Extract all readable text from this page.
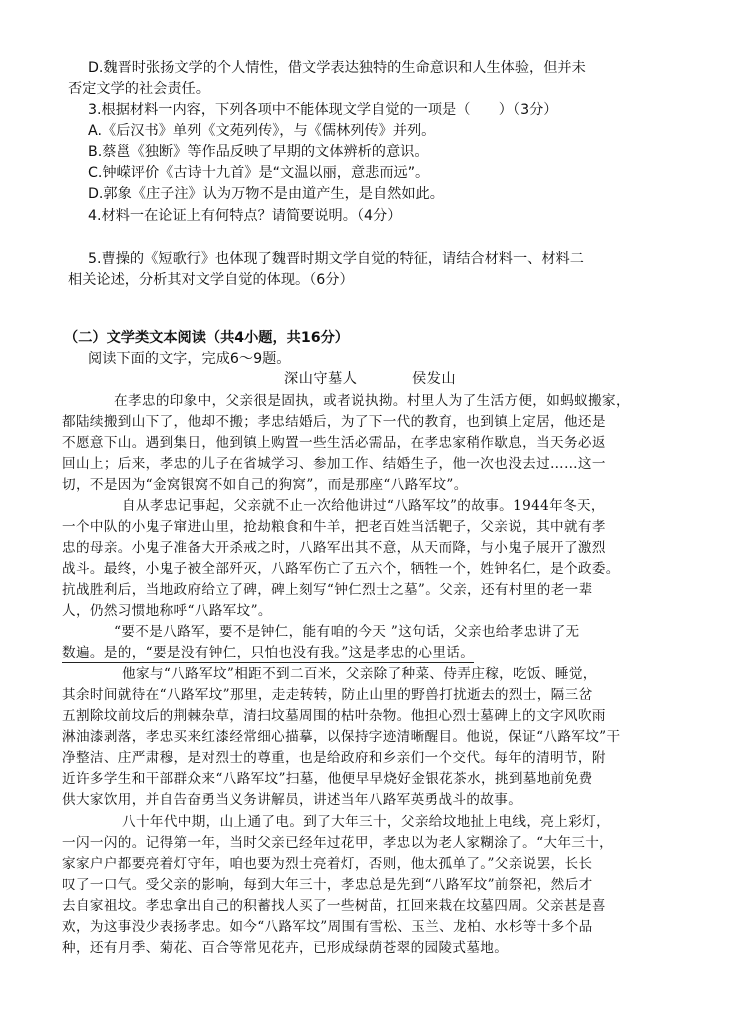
D.魏晋时张扬文学的个人情性，借文学表达独特的生命意识和人生体验，但并未
否定文学的社会责任。
3.根据材料一内容，下列各项中不能体现文学自觉的一项是（　　）（3分）
A.《后汉书》单列《文苑列传》，与《儒林列传》并列。
B.蔡邕《独断》等作品反映了早期的文体辨析的意识。
C.钟嵘评价《古诗十九首》是“文温以丽，意悲而远”。
D.郭象《庄子注》认为万物不是由道产生，是自然如此。
4.材料一在论证上有何特点？请简要说明。（4分）
5.曹操的《短歌行》也体现了魏晋时期文学自觉的特征，请结合材料一、材料二
相关论述，分析其对文学自觉的体现。（6分）
（二）文学类文本阅读（共4小题，共16分）
阅读下面的文字，完成6～9题。
深山守墓人	侯发山
在孝忠的印象中，父亲很是固执，或者说执拗。村里人为了生活方便，如蚂蚁搬家，
都陆续搬到山下了，他却不搬；孝忠结婚后，为了下一代的教育，也到镇上定居，他还是
不愿意下山。遇到集日，他到镇上购置一些生活必需品，在孝忠家稍作歇息，当天务必返
回山上；后来，孝忠的儿子在省城学习、参加工作、结婚生子，他一次也没去过……这一
切，不是因为“金窝银窝不如自己的狗窝”，而是那座“八路军坟”。
自从孝忠记事起，父亲就不止一次给他讲过“八路军坟”的故事。1944年冬天，
一个中队的小鬼子窜进山里，抢劫粮食和牛羊，把老百姓当活靶子，父亲说，其中就有孝
忠的母亲。小鬼子准备大开杀戒之时，八路军出其不意，从天而降，与小鬼子展开了激烈
战斗。最终，小鬼子被全部歼灭，八路军伤亡了五六个，牺牲一个，姓钟名仁，是个政委。
抗战胜利后，当地政府给立了碑，碑上刻写“钟仁烈士之墓”。父亲，还有村里的老一辈
人，仍然习惯地称呼“八路军坟”。
“要不是八路军，要不是钟仁，能有咱的今天 ”这句话，父亲也给孝忠讲了无
数遍。是的，“要是没有钟仁，只怕也没有我。”这是孝忠的心里话。
他家与“八路军坟”相距不到二百米，父亲除了种菜、侍弄庄稼，吃饭、睡觉，
其余时间就待在“八路军坟”那里，走走转转，防止山里的野兽打扰逝去的烈士，隔三岔
五割除坟前坟后的荆棘杂草，清扫坟墓周围的枯叶杂物。他担心烈士墓碑上的文字风吹雨
淋油漆剥落，孝忠买来红漆经常细心描摹，以保持字迹清晰醒目。他说，保证“八路军坟”干
净整洁、庄严肃穆，是对烈士的尊重，也是给政府和乡亲们一个交代。每年的清明节，附
近许多学生和干部群众来“八路军坟”扫墓，他便早早烧好金银花茶水，挑到墓地前免费
供大家饮用，并自告奋勇当义务讲解员，讲述当年八路军英勇战斗的故事。
八十年代中期，山上通了电。到了大年三十，父亲给坟地扯上电线，亮上彩灯，
一闪一闪的。记得第一年，当时父亲已经年过花甲，孝忠以为老人家糊涂了。“大年三十，
家家户户都要亮着灯守年，咱也要为烈士亮着灯，否则，他太孤单了。”父亲说罢，长长
叹了一口气。受父亲的影响，每到大年三十，孝忠总是先到“八路军坟”前祭祀，然后才
去自家祖坟。孝忠拿出自己的积蓄找人买了一些树苗，扛回来栽在坟墓四周。父亲甚是喜
欢，为这事没少表扬孝忠。如今“八路军坟”周围有雪松、玉兰、龙柏、水杉等十多个品
种，还有月季、菊花、百合等常见花卉，已形成绿荫苍翠的园陵式墓地。
